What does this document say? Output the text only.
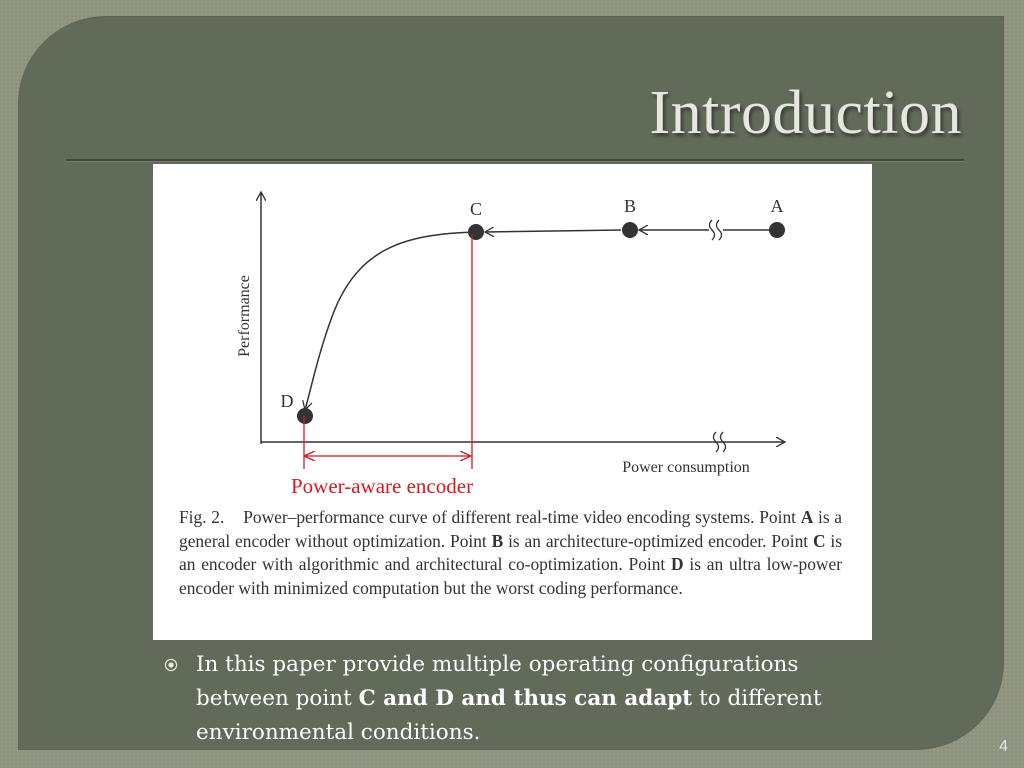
Introduction
Performance
Power consumption
A
B
C
D
Power-aware encoder

Fig. 2. Power–performance curve of different real-time video encoding systems. Point A is a general encoder without optimization. Point B is an architecture-optimized encoder. Point C is an encoder with algorithmic and architectural co-optimization. Point D is an ultra low-power encoder with minimized computation but the worst coding performance.

In this paper provide multiple operating configurations between point C and D and thus can adapt to different environmental conditions.
4
